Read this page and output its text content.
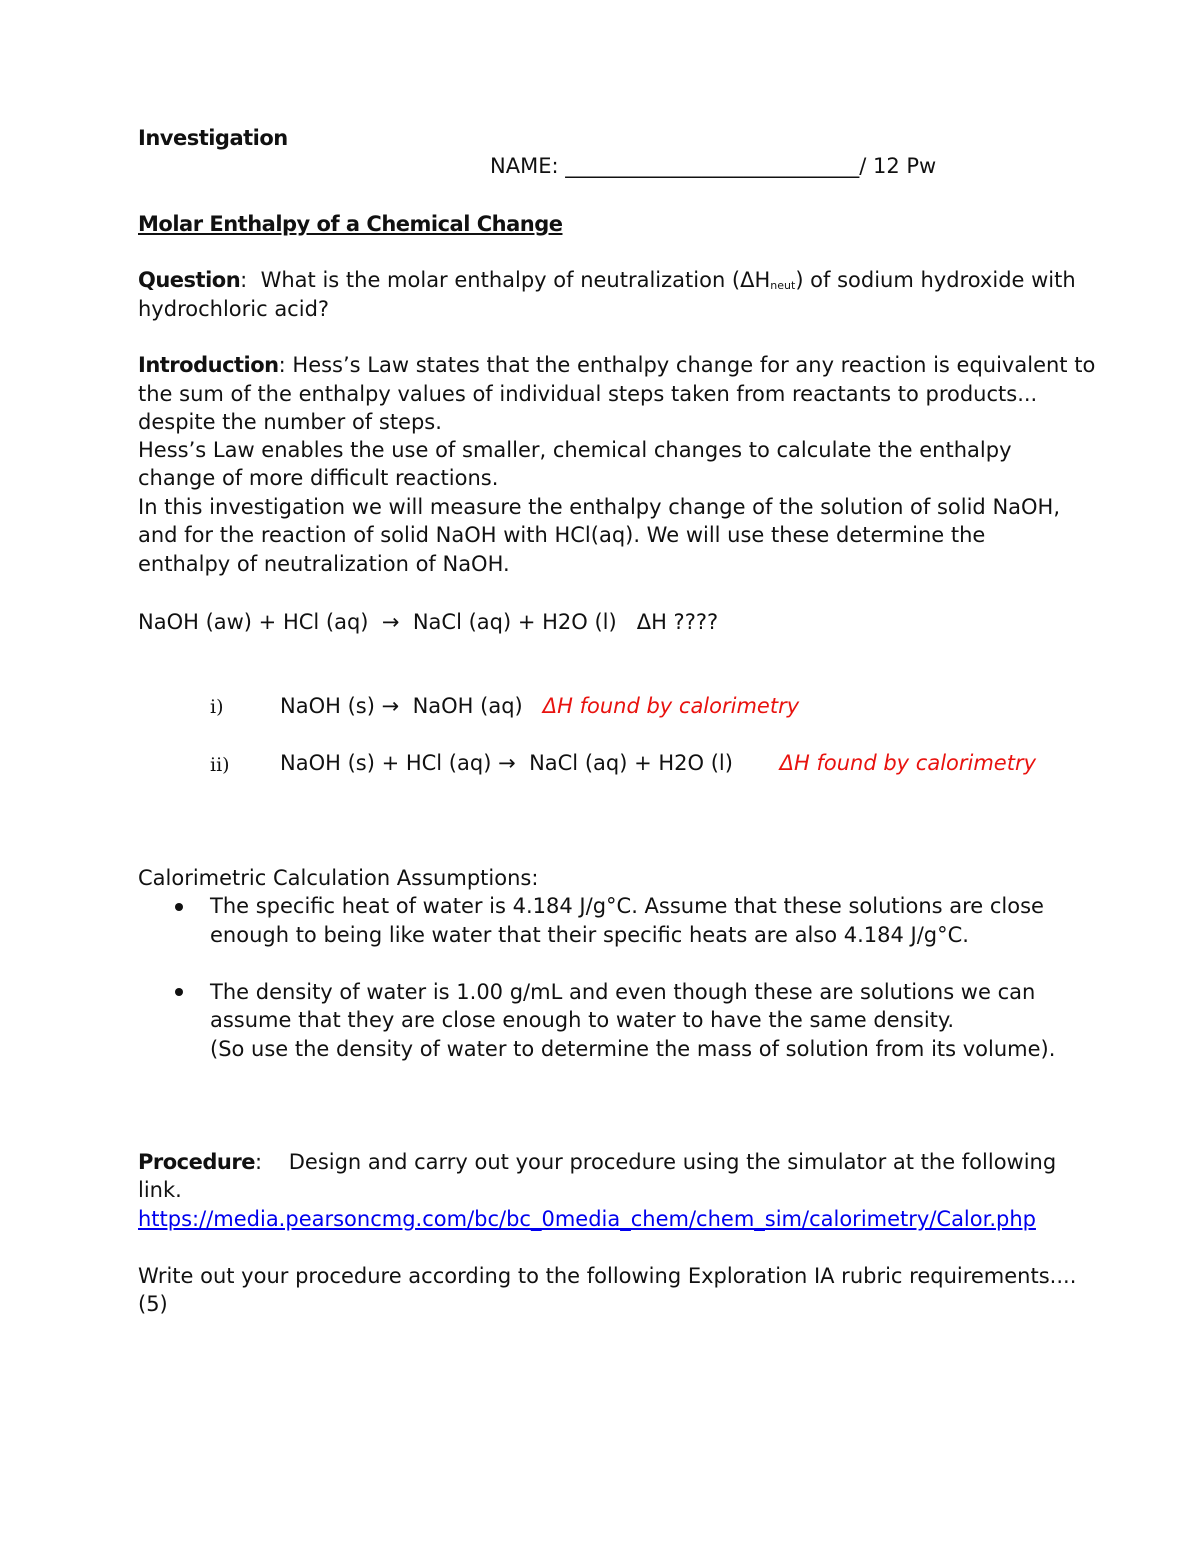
Investigation
NAME: ____________________________/ 12 Pw
Molar Enthalpy of a Chemical Change
Question: What is the molar enthalpy of neutralization $(\Delta H_{neut})$ of sodium hydroxide with
hydrochloric acid?
Introduction: Hess’s Law states that the enthalpy change for any reaction is equivalent to
the sum of the enthalpy values of individual steps taken from reactants to products...
despite the number of steps.
Hess’s Law enables the use of smaller, chemical changes to calculate the enthalpy
change of more difficult reactions.
In this investigation we will measure the enthalpy change of the solution of solid NaOH,
and for the reaction of solid NaOH with HCl(aq). We will use these determine the
enthalpy of neutralization of NaOH.
NaOH (aw) + HCl (aq) → NaCl (aq) + H2O (l) ΔH ????
i)	NaOH (s) → NaOH (aq) ΔH found by calorimetry
ii) NaOH (s) + HCl (aq) → NaCl (aq) + H2O (l) ΔH found by calorimetry
Calorimetric Calculation Assumptions:
The specific heat of water is 4.184 J/g°C. Assume that these solutions are close
enough to being like water that their specific heats are also 4.184 J/g°C.
The density of water is 1.00 g/mL and even though these are solutions we can
assume that they are close enough to water to have the same density.
(So use the density of water to determine the mass of solution from its volume).
Procedure: Design and carry out your procedure using the simulator at the following
link.
https://media.pearsoncmg.com/bc/bc_0media_chem/chem_sim/calorimetry/Calor.php
Write out your procedure according to the following Exploration IA rubric requirements....
(5)
